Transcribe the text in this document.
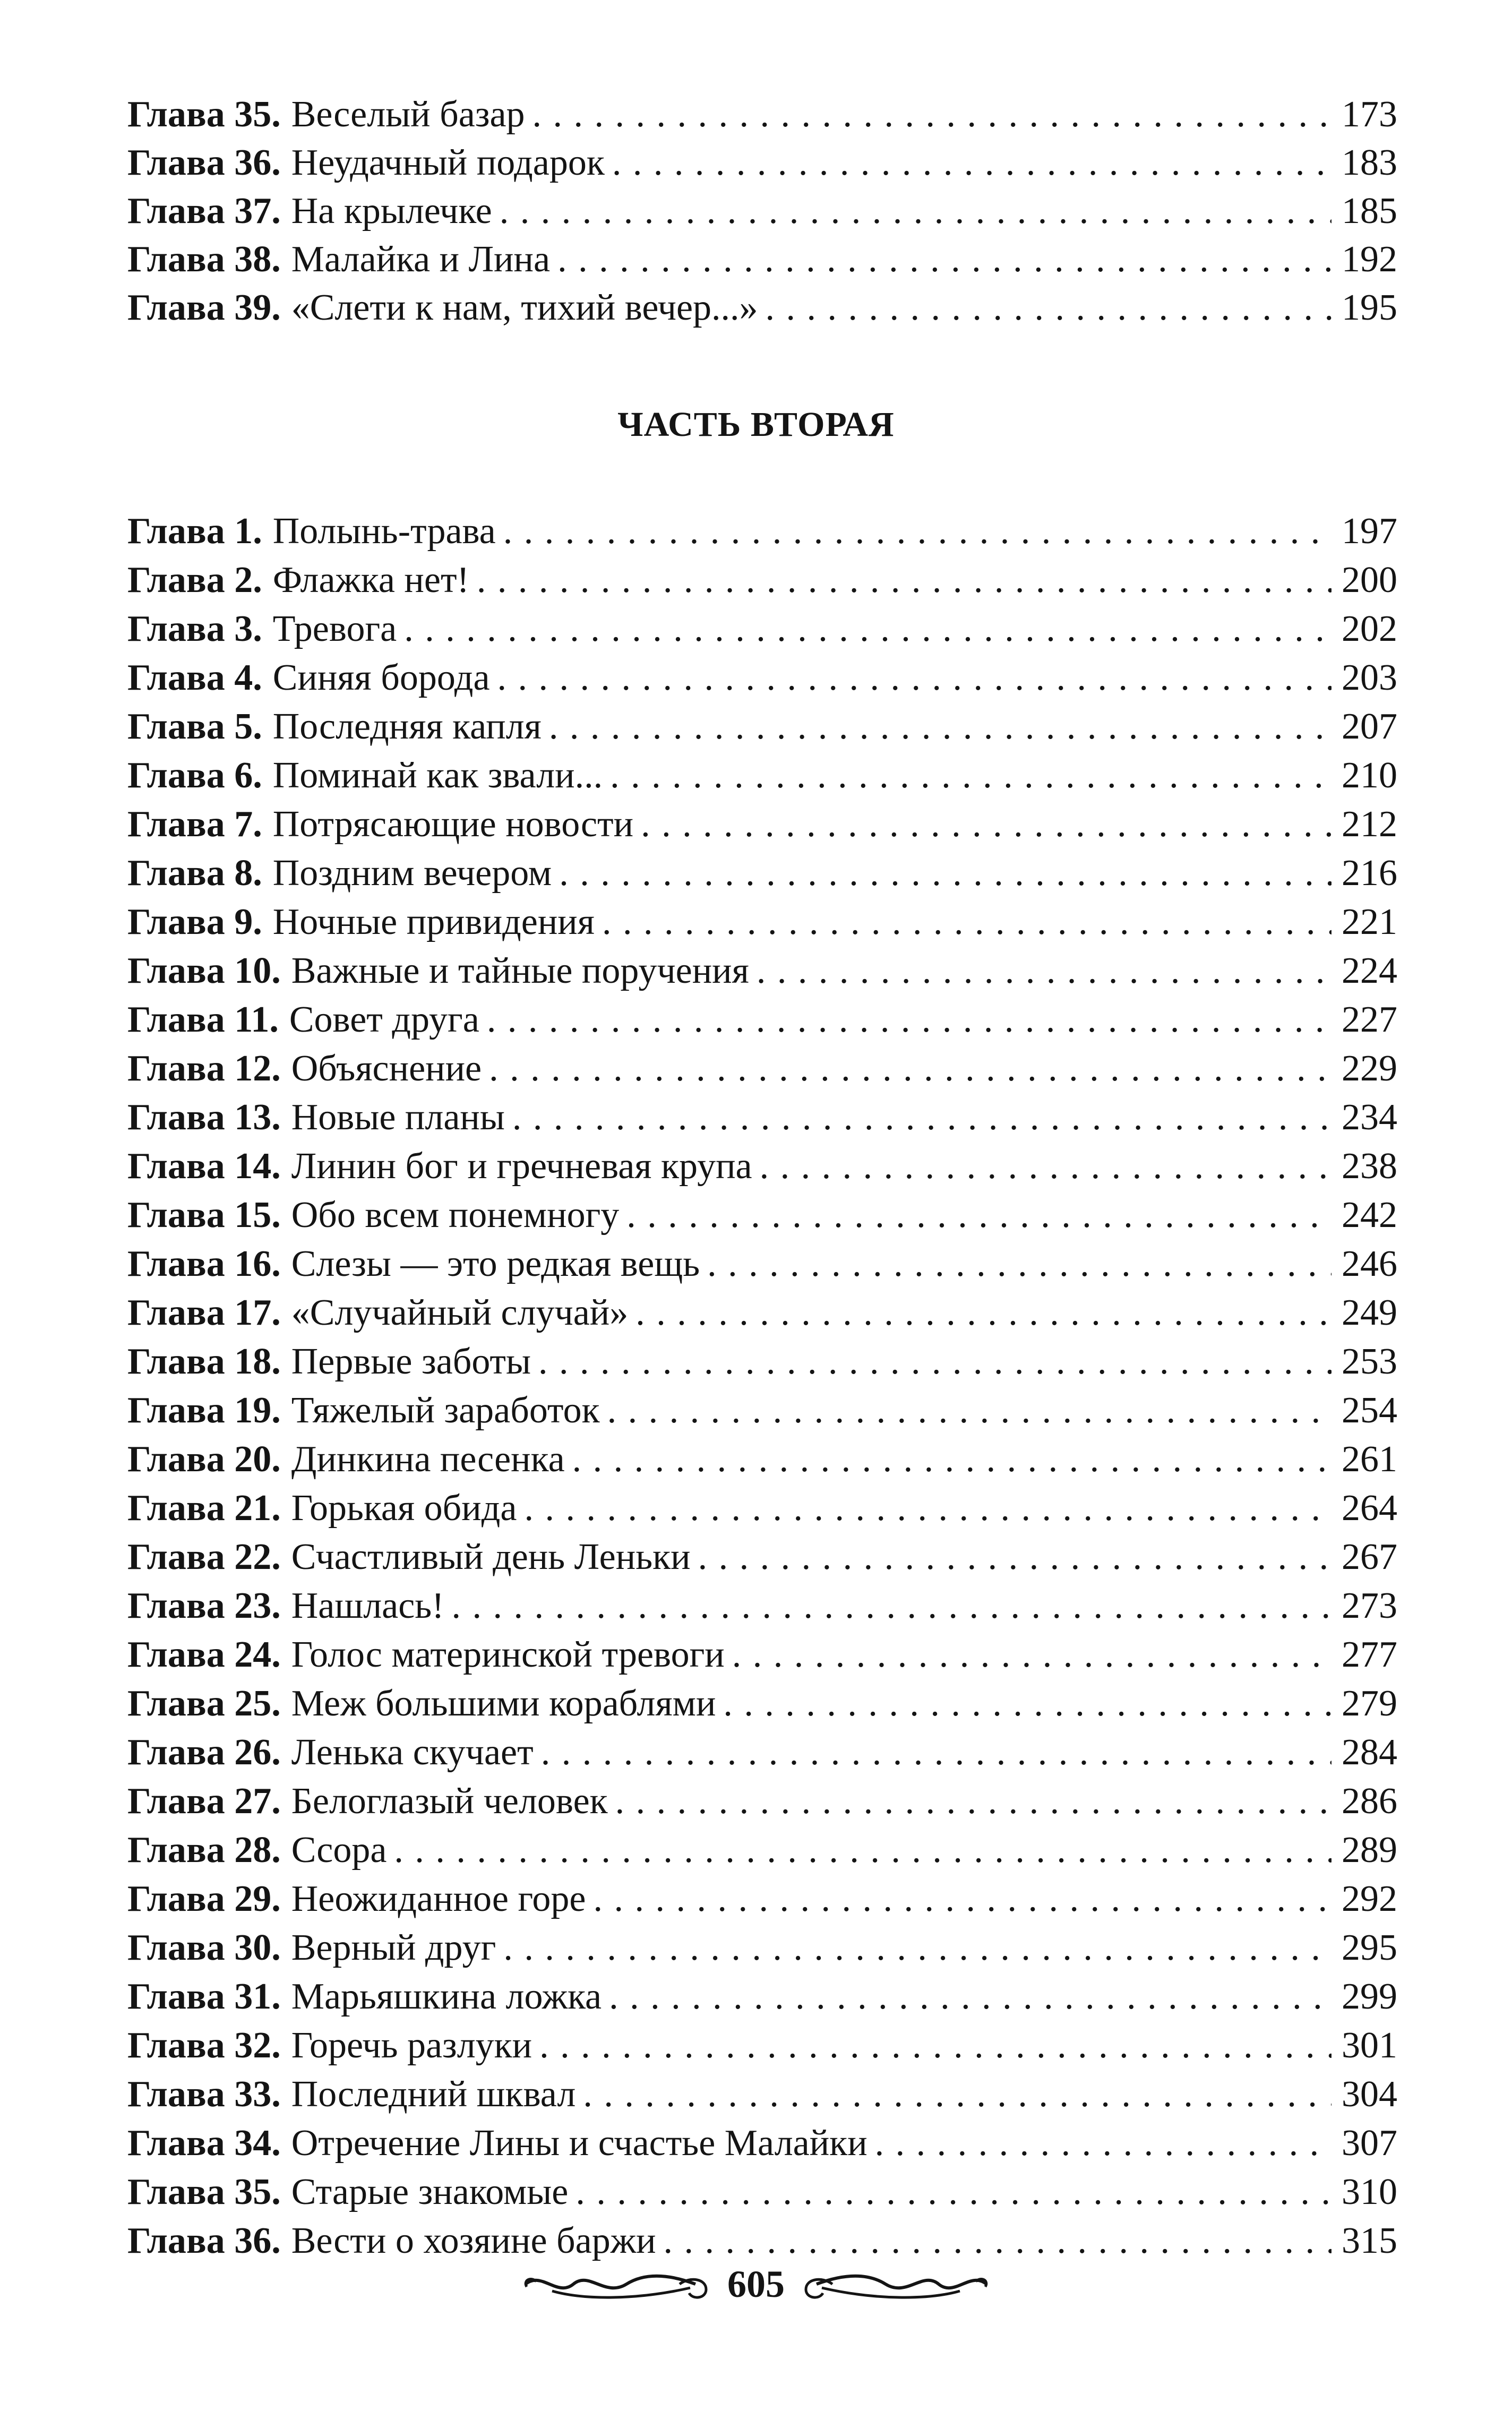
Глава 35. Веселый базар . . .	173
Глава 36. Неудачный подарок . . .	183
Глава 37. На крылечке . . .	185
Глава 38. Малайка и Лина . . .	192
Глава 39. «Слети к нам, тихий вечер...» . . .	195
ЧАСТЬ ВТОРАЯ
Глава 1. Полынь-трава . . .	197
Глава 2. Флажка нет! . . .	200
Глава 3. Тревога . . .	202
Глава 4. Синяя борода . . .	203
Глава 5. Последняя капля . . .	207
Глава 6. Поминай как звали... . . .	210
Глава 7. Потрясающие новости . . .	212
Глава 8. Поздним вечером . . .	216
Глава 9. Ночные привидения . . .	221
Глава 10. Важные и тайные поручения . . .	224
Глава 11. Совет друга . . .	227
Глава 12. Объяснение . . .	229
Глава 13. Новые планы . . .	234
Глава 14. Линин бог и гречневая крупа . . .	238
Глава 15. Обо всем понемногу . . .	242
Глава 16. Слезы — это редкая вещь . . .	246
Глава 17. «Случайный случай» . . .	249
Глава 18. Первые заботы . . .	253
Глава 19. Тяжелый заработок . . .	254
Глава 20. Динкина песенка . . .	261
Глава 21. Горькая обида . . .	264
Глава 22. Счастливый день Леньки . . .	267
Глава 23. Нашлась! . . .	273
Глава 24. Голос материнской тревоги . . .	277
Глава 25. Меж большими кораблями . . .	279
Глава 26. Ленька скучает . . .	284
Глава 27. Белоглазый человек . . .	286
Глава 28. Ссора . . .	289
Глава 29. Неожиданное горе . . .	292
Глава 30. Верный друг . . .	295
Глава 31. Марьяшкина ложка . . .	299
Глава 32. Горечь разлуки . . .	301
Глава 33. Последний шквал . . .	304
Глава 34. Отречение Лины и счастье Малайки . . .	307
Глава 35. Старые знакомые . . .	310
Глава 36. Вести о хозяине баржи . . .	315
605
